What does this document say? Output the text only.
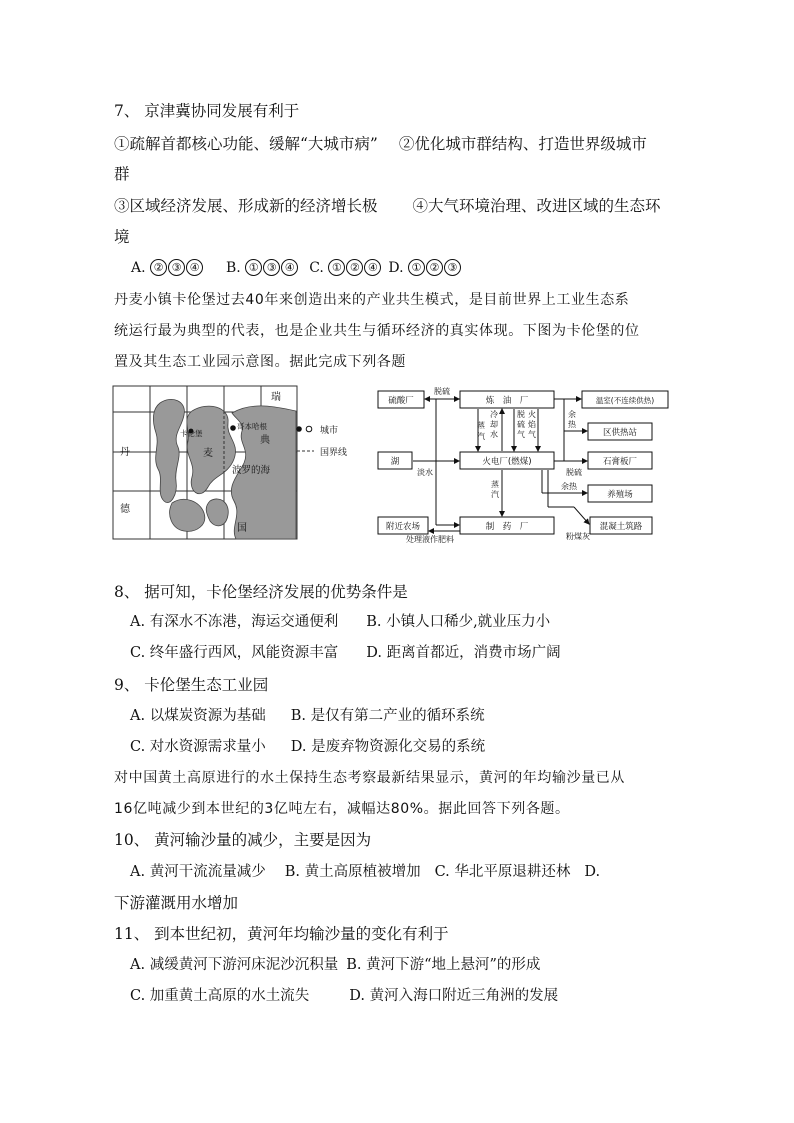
7、 京津冀协同发展有利于
①疏解首都核心功能、缓解“大城市病” ②优化城市群结构、打造世界级城市
群
③区域经济发展、形成新的经济增长极 ④大气环境治理、改进区域的生态环
境
A. ② ③ ④ B. ① ③ ④ C. ① ② ④ D. ① ② ③
丹麦小镇卡伦堡过去40年来创造出来的产业共生模式，是目前世界上工业生态系
统运行最为典型的代表，也是企业共生与循环经济的真实体现。下图为卡伦堡的位
置及其生态工业园示意图。据此完成下列各题
瑞
典
丹	麦
德
国
卡伦堡
哥本哈根
波罗的海
城市
国界线
硫酸厂	炼　油　厂	温室(不连续供热)
区供热站
湖	火电厂(燃煤)	石膏板厂
养殖场
附近农场	制　药　厂	混凝土筑路
脱硫
蒸
汽
冷
却
水
脱
硫
气
火
焰
气
余
热
脱硫
淡水
蒸
汽
余热
粉煤灰
处理液作肥料
8、 据可知，卡伦堡经济发展的优势条件是
A. 有深水不冻港，海运交通便利 B. 小镇人口稀少,就业压力小
C. 终年盛行西风，风能资源丰富 D. 距离首都近，消费市场广阔
9、 卡伦堡生态工业园
A. 以煤炭资源为基础 B. 是仅有第二产业的循环系统
C. 对水资源需求量小 D. 是废弃物资源化交易的系统
对中国黄土高原进行的水土保持生态考察最新结果显示，黄河的年均输沙量已从
16亿吨减少到本世纪的3亿吨左右，减幅达80%。据此回答下列各题。
10、 黄河输沙量的减少，主要是因为
A. 黄河干流流量减少 B. 黄土高原植被增加 C. 华北平原退耕还林 D.
下游灌溉用水增加
11、 到本世纪初，黄河年均输沙量的变化有利于
A. 减缓黄河下游河床泥沙沉积量 B. 黄河下游“地上悬河”的形成
C. 加重黄土高原的水土流失	D. 黄河入海口附近三角洲的发展
